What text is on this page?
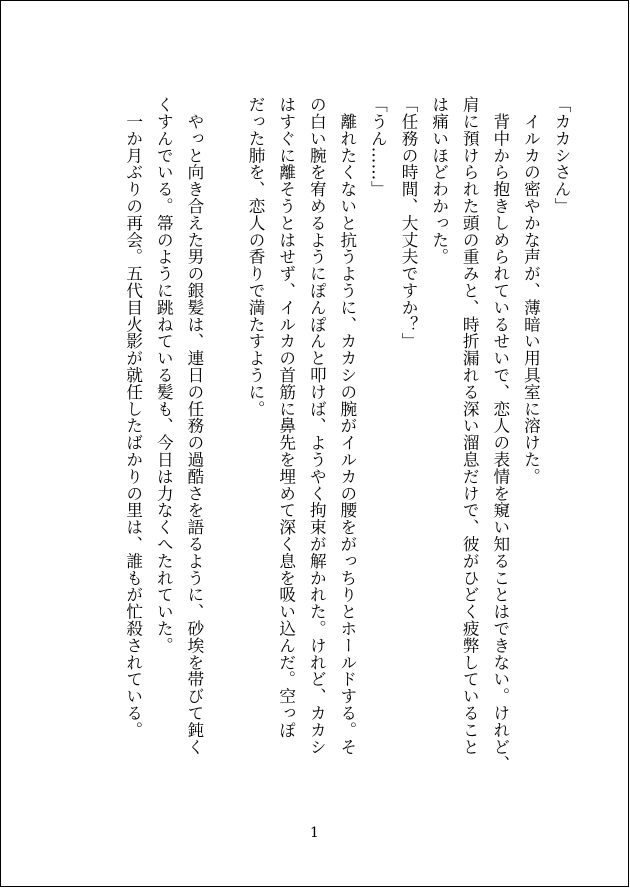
「カカシさん」
　イルカの密やかな声が、薄暗い用具室に溶けた。
　背中から抱きしめられているせいで、恋人の表情を窺い知ることはできない。けれど、
肩に預けられた頭の重みと、時折漏れる深い溜息だけで、彼がひどく疲弊していること
は痛いほどわかった。
「任務の時間、大丈夫ですか？」
「うん……」
　離れたくないと抗うように、カカシの腕がイルカの腰をがっちりとホールドする。そ
の白い腕を宥めるようにぽんぽんと叩けば、ようやく拘束が解かれた。けれど、カカシ
はすぐに離そうとはせず、イルカの首筋に鼻先を埋めて深く息を吸い込んだ。空っぽ
だった肺を、恋人の香りで満たすように。
　やっと向き合えた男の銀髪は、連日の任務の過酷さを語るように、砂埃を帯びて鈍く
くすんでいる。箒のように跳ねている髪も、今日は力なくへたれていた。
　一か月ぶりの再会。五代目火影が就任したばかりの里は、誰もが忙殺されている。
1
